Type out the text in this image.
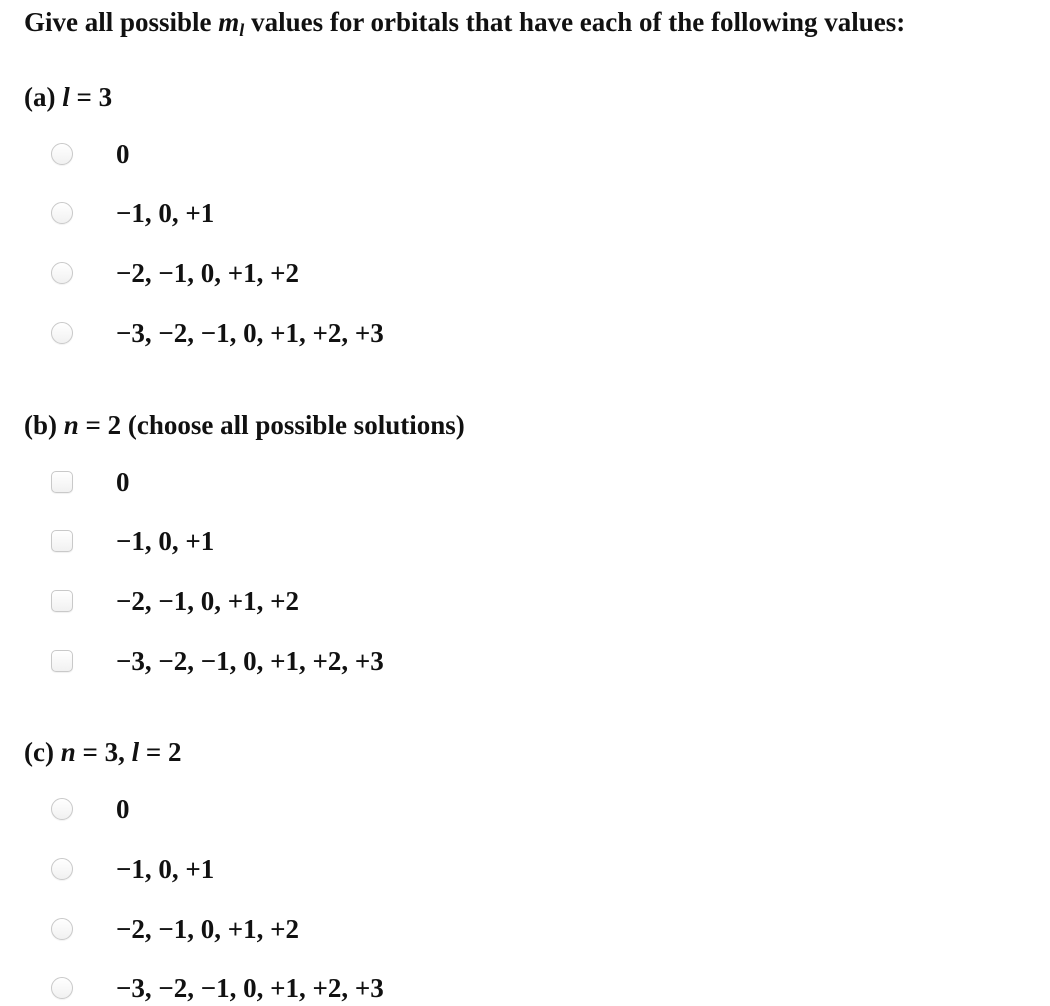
Give all possible $m_l$ values for orbitals that have each of the following values:
(a) l = 3
0
−1, 0, +1
−2, −1, 0, +1, +2
−3, −2, −1, 0, +1, +2, +3
(b) n = 2 (choose all possible solutions)
0
−1, 0, +1
−2, −1, 0, +1, +2
−3, −2, −1, 0, +1, +2, +3
(c) n = 3, l = 2
0
−1, 0, +1
−2, −1, 0, +1, +2
−3, −2, −1, 0, +1, +2, +3
